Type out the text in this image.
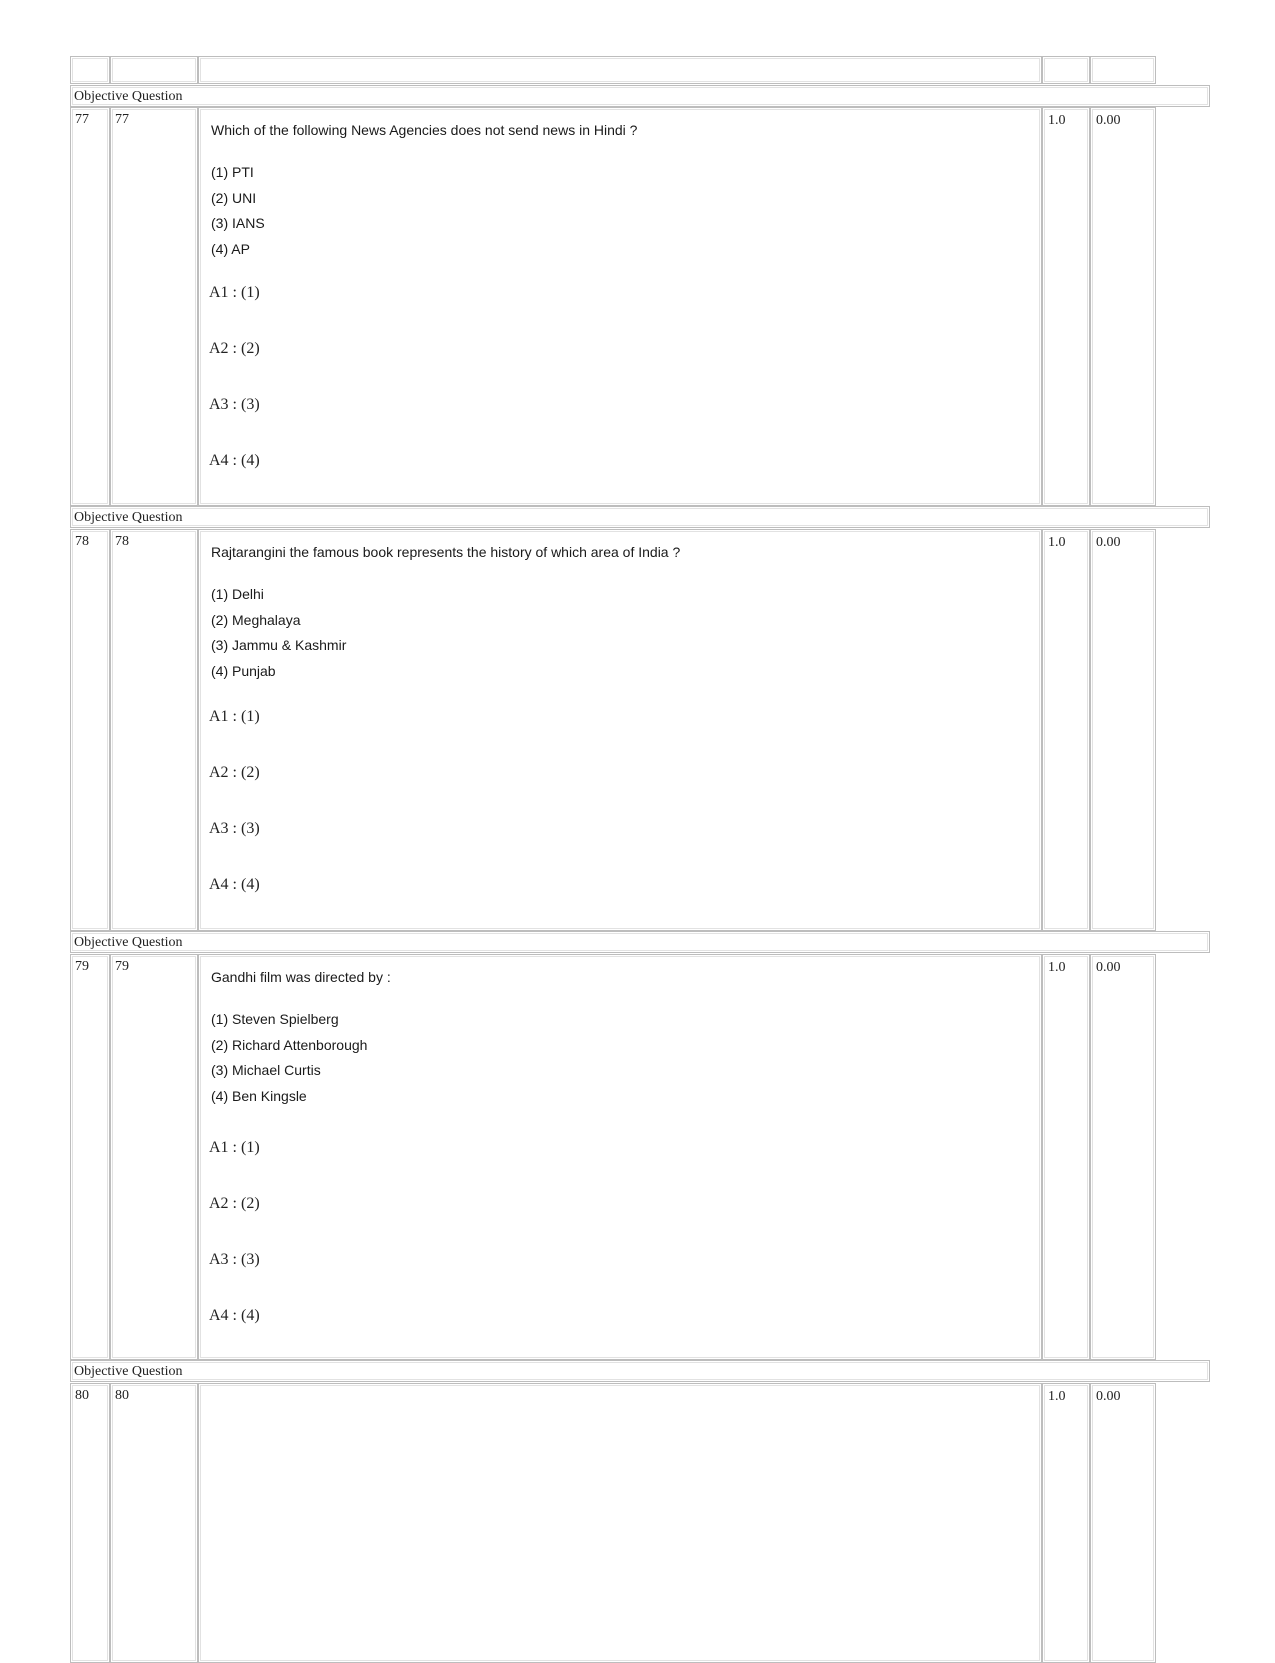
Objective Question
77 77
Which of the following News Agencies does not send news in Hindi ?
(1) PTI
(2) UNI
(3) IANS
(4) AP
A1 : (1)
A2 : (2)
A3 : (3)
A4 : (4)
1.0 0.00
Objective Question
78 78
Rajtarangini the famous book represents the history of which area of India ?
(1) Delhi
(2) Meghalaya
(3) Jammu & Kashmir
(4) Punjab
A1 : (1)
A2 : (2)
A3 : (3)
A4 : (4)
1.0 0.00
Objective Question
79 79
Gandhi film was directed by :
(1) Steven Spielberg
(2) Richard Attenborough
(3) Michael Curtis
(4) Ben Kingsle
A1 : (1)
A2 : (2)
A3 : (3)
A4 : (4)
1.0 0.00
Objective Question
80 80	1.0 0.00
